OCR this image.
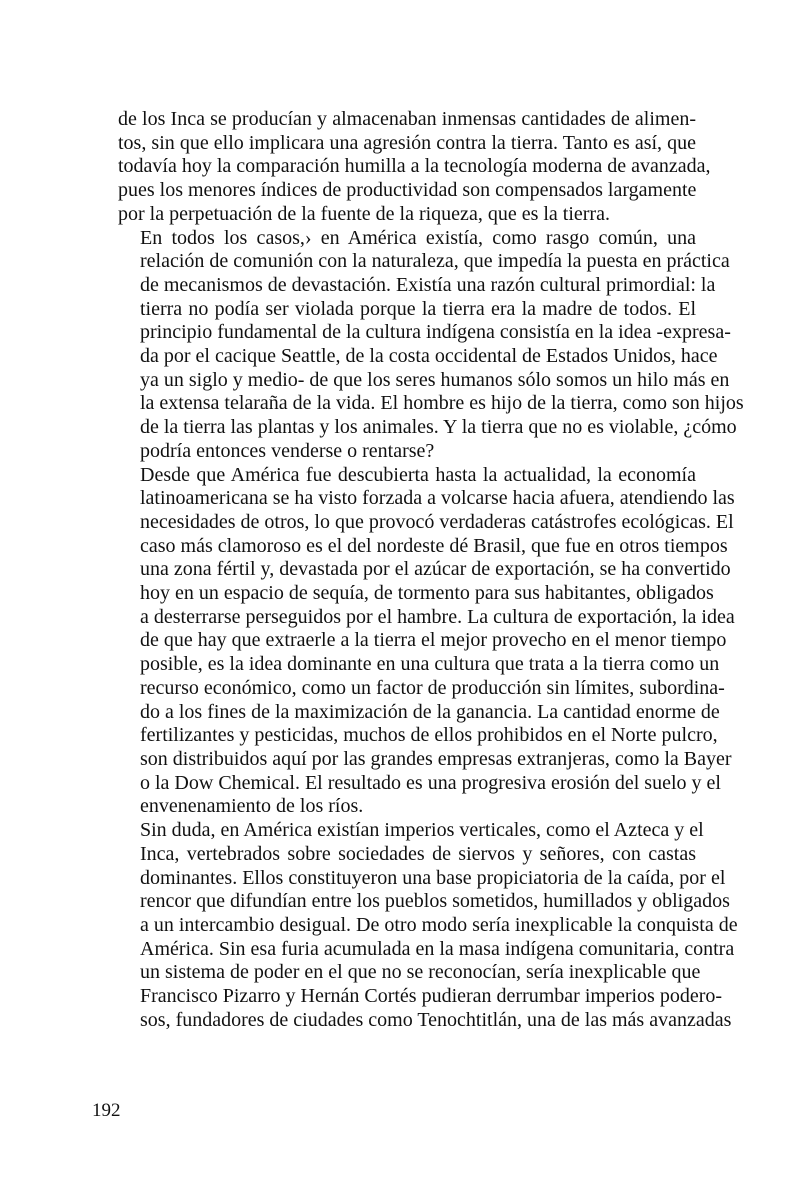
de los Inca se producían y almacenaban inmensas cantidades de alimen-
tos, sin que ello implicara una agresión contra la tierra. Tanto es así, que
todavía hoy la comparación humilla a la tecnología moderna de avanzada,
pues los menores índices de productividad son compensados largamente
por la perpetuación de la fuente de la riqueza, que es la tierra.

En todos los casos,› en América existía, como rasgo común, una
relación de comunión con la naturaleza, que impedía la puesta en práctica
de mecanismos de devastación. Existía una razón cultural primordial: la
tierra no podía ser violada porque la tierra era la madre de todos. El
principio fundamental de la cultura indígena consistía en la idea -expresa-
da por el cacique Seattle, de la costa occidental de Estados Unidos, hace
ya un siglo y medio- de que los seres humanos sólo somos un hilo más en
la extensa telaraña de la vida. El hombre es hijo de la tierra, como son hijos
de la tierra las plantas y los animales. Y la tierra que no es violable, ¿cómo
podría entonces venderse o rentarse?

Desde que América fue descubierta hasta la actualidad, la economía
latinoamericana se ha visto forzada a volcarse hacia afuera, atendiendo las
necesidades de otros, lo que provocó verdaderas catástrofes ecológicas. El
caso más clamoroso es el del nordeste dé Brasil, que fue en otros tiempos
una zona fértil y, devastada por el azúcar de exportación, se ha convertido
hoy en un espacio de sequía, de tormento para sus habitantes, obligados
a desterrarse perseguidos por el hambre. La cultura de exportación, la idea
de que hay que extraerle a la tierra el mejor provecho en el menor tiempo
posible, es la idea dominante en una cultura que trata a la tierra como un
recurso económico, como un factor de producción sin límites, subordina-
do a los fines de la maximización de la ganancia. La cantidad enorme de
fertilizantes y pesticidas, muchos de ellos prohibidos en el Norte pulcro,
son distribuidos aquí por las grandes empresas extranjeras, como la Bayer
o la Dow Chemical. El resultado es una progresiva erosión del suelo y el
envenenamiento de los ríos.

Sin duda, en América existían imperios verticales, como el Azteca y el
Inca, vertebrados sobre sociedades de siervos y señores, con castas
dominantes. Ellos constituyeron una base propiciatoria de la caída, por el
rencor que difundían entre los pueblos sometidos, humillados y obligados
a un intercambio desigual. De otro modo sería inexplicable la conquista de
América. Sin esa furia acumulada en la masa indígena comunitaria, contra
un sistema de poder en el que no se reconocían, sería inexplicable que
Francisco Pizarro y Hernán Cortés pudieran derrumbar imperios podero-
sos, fundadores de ciudades como Tenochtitlán, una de las más avanzadas

192
